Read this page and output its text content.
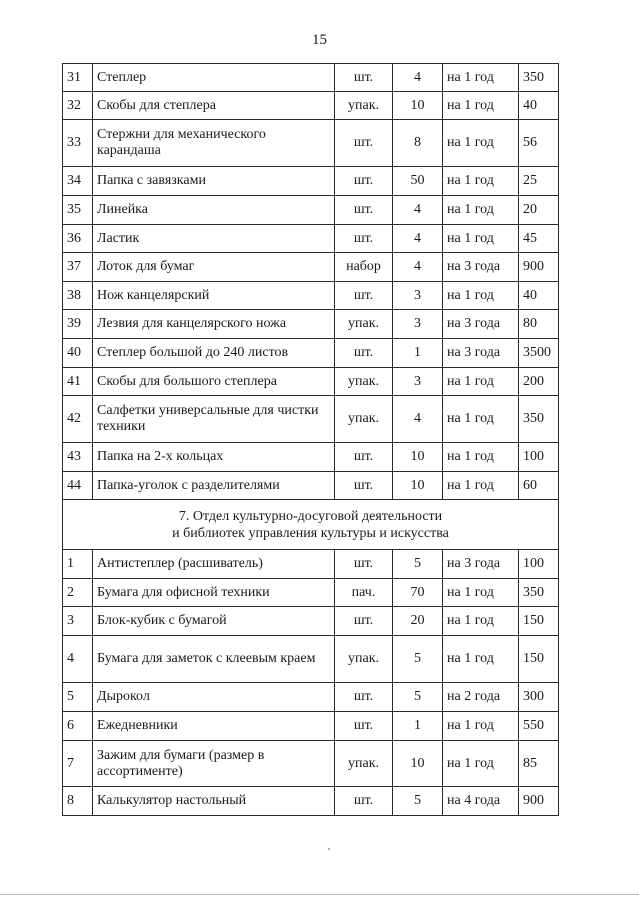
15
31	Степлер	шт.	4	на 1 год	350
32	Скобы для степлера	упак.	10	на 1 год	40
33	Стержни для механического карандаша	шт.	8	на 1 год	56
34	Папка с завязками	шт.	50	на 1 год	25
35	Линейка	шт.	4	на 1 год	20
36	Ластик	шт.	4	на 1 год	45
37	Лоток для бумаг	набор	4	на 3 года	900
38	Нож канцелярский	шт.	3	на 1 год	40
39	Лезвия для канцелярского ножа	упак.	3	на 3 года	80
40	Степлер большой до 240 листов	шт.	1	на 3 года	3500
41	Скобы для большого степлера	упак.	3	на 1 год	200
42	Салфетки универсальные для чистки техники	упак.	4	на 1 год	350
43	Папка на 2-х кольцах	шт.	10	на 1 год	100
44	Папка-уголок с разделителями	шт.	10	на 1 год	60

7. Отдел культурно-досуговой деятельности
и библиотек управления культуры и искусства					

1	Антистеплер (расшиватель)	шт.	5	на 3 года	100
2	Бумага для офисной техники	пач.	70	на 1 год	350
3	Блок-кубик с бумагой	шт.	20	на 1 год	150
4	Бумага для заметок с клеевым краем	упак.	5	на 1 год	150
5	Дырокол	шт.	5	на 2 года	300
6	Ежедневники	шт.	1	на 1 год	550
7	Зажим для бумаги (размер в ассортименте)	упак.	10	на 1 год	85
8	Калькулятор настольный	шт.	5	на 4 года	900
